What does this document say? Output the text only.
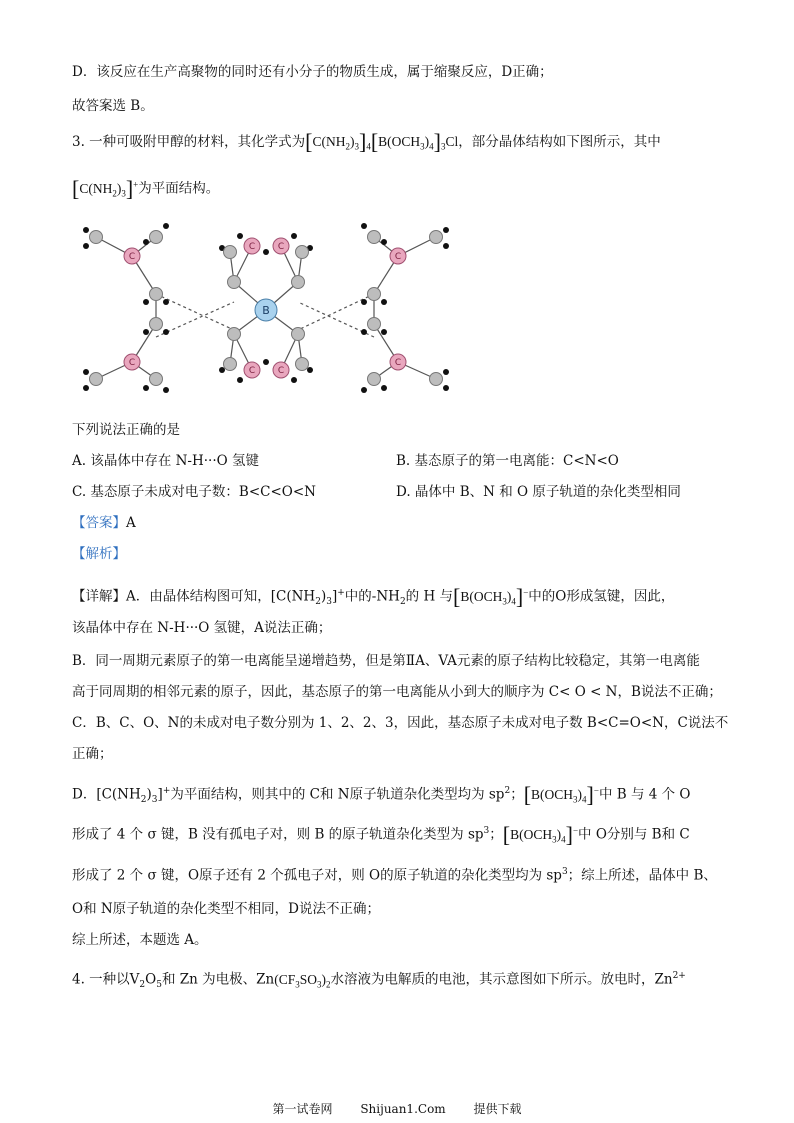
D．该反应在生产高聚物的同时还有小分子的物质生成，属于缩聚反应，D正确；
故答案选 B。
3. 一种可吸附甲醇的材料，其化学式为$[C(NH_2)_3]_4[B(OCH_3)_4]_3Cl$，部分晶体结构如下图所示，其中
$[C(NH_2)_3]^+$为平面结构。
C
C
C	C
C	C
C
C
B
下列说法正确的是
A. 该晶体中存在 N-H···O 氢键	B. 基态原子的第一电离能：C<N<O
C. 基态原子未成对电子数：B<C<O<N	D. 晶体中 B、N 和 O 原子轨道的杂化类型相同
【答案】A
【解析】
【详解】A．由晶体结构图可知，$[C(NH_2)_3]^+$中的$-NH_2$的 H 与$[B(OCH_3)_4]^-$中的O形成氢键，因此，
该晶体中存在 N-H···O 氢键，A说法正确；
B．同一周期元素原子的第一电离能呈递增趋势，但是第ⅡA、VA元素的原子结构比较稳定，其第一电离能
高于同周期的相邻元素的原子，因此，基态原子的第一电离能从小到大的顺序为 C< O < N，B说法不正确；
C．B、C、O、N的未成对电子数分别为 1、2、2、3，因此，基态原子未成对电子数 B<C=O<N，C说法不
正确；
D．$[C(NH_2)_3]^+$为平面结构，则其中的 C和 N原子轨道杂化类型均为 $sp^2$；$[B(OCH_3)_4]^-$中 B 与 4 个 O
形成了 4 个 σ 键，B 没有孤电子对，则 B 的原子轨道杂化类型为 $sp^3$；$[B(OCH_3)_4]^-$中 O分别与 B和 C
形成了 2 个 σ 键，O原子还有 2 个孤电子对，则 O的原子轨道的杂化类型均为 $sp^3$；综上所述，晶体中 B、
O和 N原子轨道的杂化类型不相同，D说法不正确；
综上所述，本题选 A。
4. 一种以$V_2O_5$和 Zn 为电极、$Zn(CF_3SO_3)_2$水溶液为电解质的电池，其示意图如下所示。放电时，$Zn^{2+}$
第一试卷网 Shijuan1.Com 提供下载
